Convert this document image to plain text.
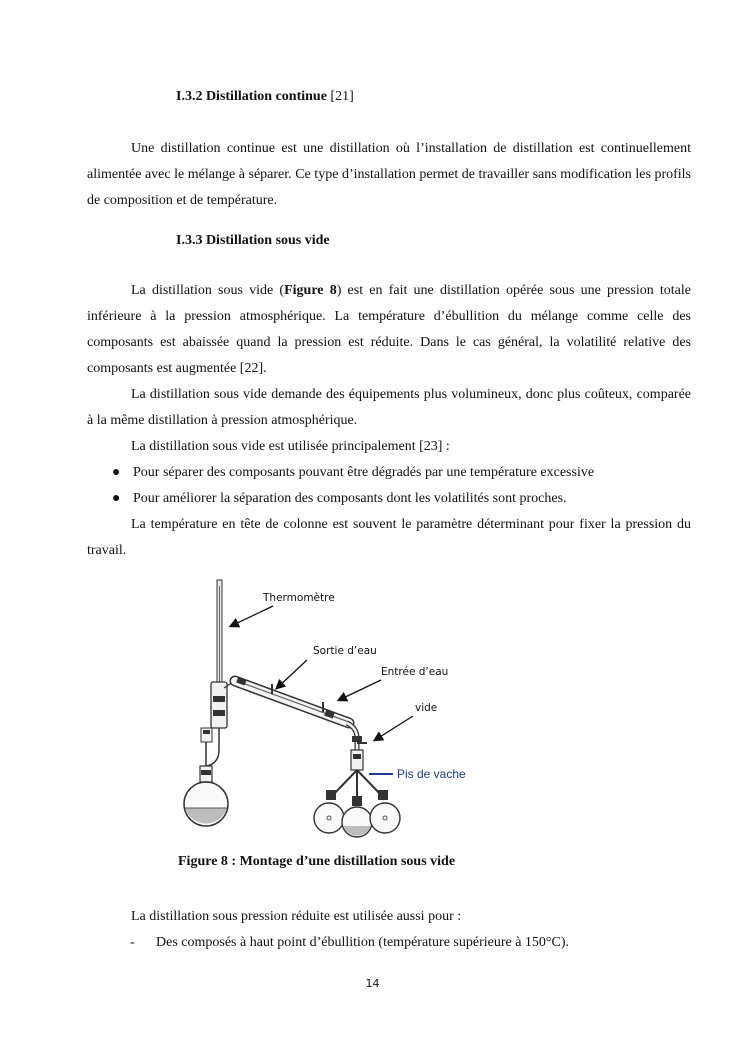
I.3.2 Distillation continue [21]

Une distillation continue est une distillation où l’installation de distillation est continuellement alimentée avec le mélange à séparer. Ce type d’installation permet de travailler sans modification les profils de composition et de température.

I.3.3 Distillation sous vide

La distillation sous vide (Figure 8) est en fait une distillation opérée sous une pression totale inférieure à la pression atmosphérique. La température d’ébullition du mélange comme celle des composants est abaissée quand la pression est réduite. Dans le cas général, la volatilité relative des composants est augmentée [22].

La distillation sous vide demande des équipements plus volumineux, donc plus coûteux, comparée à la même distillation à pression atmosphérique.

La distillation sous vide est utilisée principalement [23] :

● Pour séparer des composants pouvant être dégradés par une température excessive
● Pour améliorer la séparation des composants dont les volatilités sont proches.

La température en tête de colonne est souvent le paramètre déterminant pour fixer la pression du travail.

Thermomètre
Sortie d’eau
Entrée d’eau
vide
Pis de vache
Figure 8 : Montage d’une distillation sous vide

La distillation sous pression réduite est utilisée aussi pour :

- Des composés à haut point d’ébullition (température supérieure à 150°C).
14
